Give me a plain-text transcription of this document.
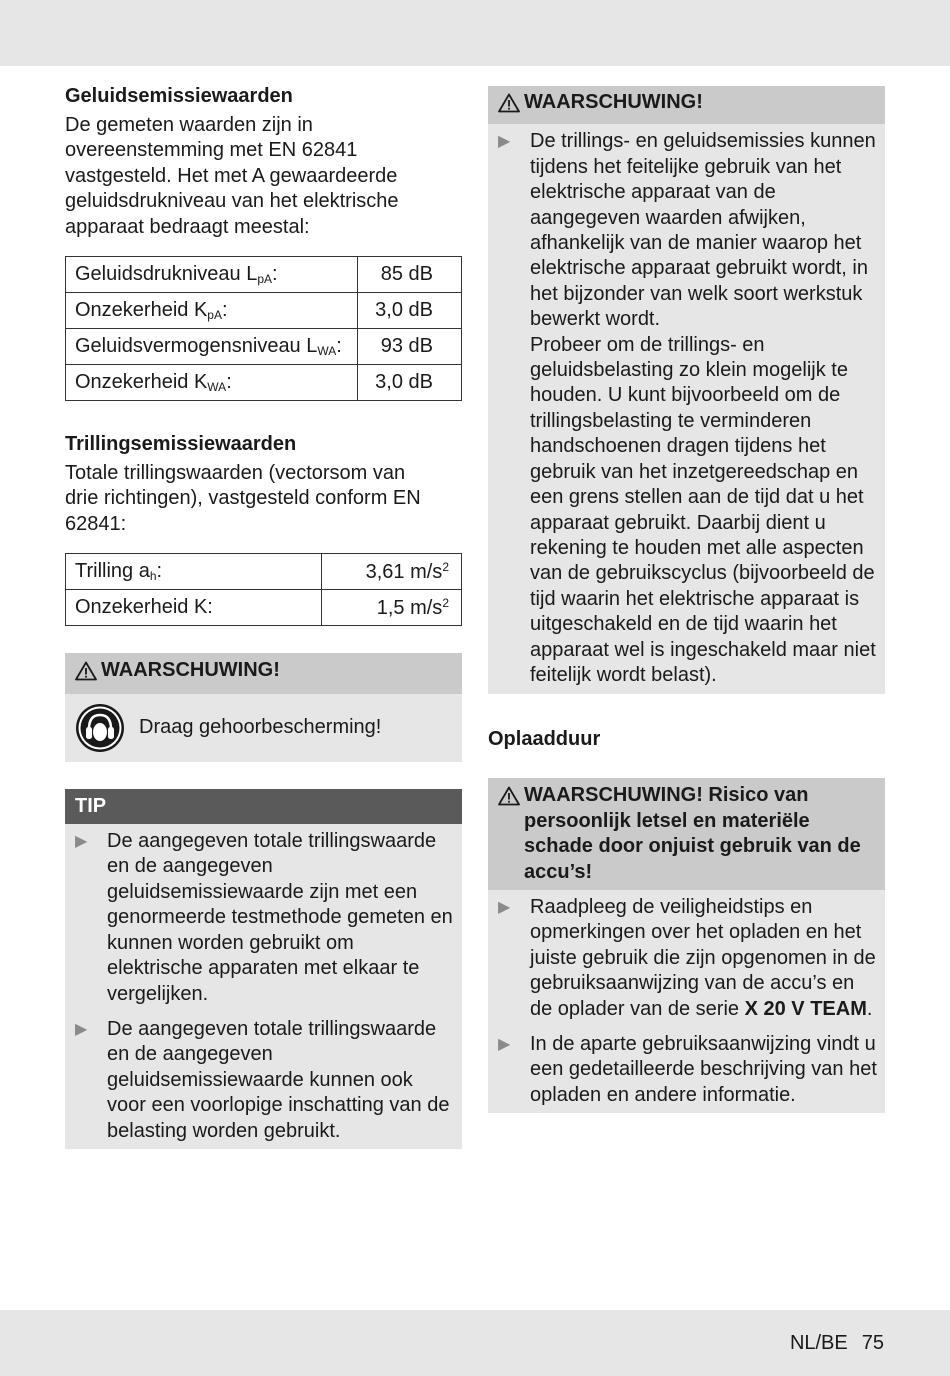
Geluidsemissiewaarden

De gemeten waarden zijn in overeenstemming met EN 62841 vastgesteld. Het met A gewaardeerde geluidsdrukniveau van het elektrische apparaat bedraagt meestal:

Geluidsdrukniveau $L_{pA}$:	85 dB
Onzekerheid $K_{pA}$:	3,0 dB
Geluidsvermogensniveau $L_{WA}$:	93 dB
Onzekerheid $K_{WA}$:	3,0 dB
Trillingsemissiewaarden

Totale trillingswaarden (vectorsom van drie richtingen), vastgesteld conform EN 62841:

Trilling $a_h$:	3,61 $m/s^2$
Onzekerheid K:	1,5 $m/s^2$
WAARSCHUWING!
Draag gehoorbescherming!
TIP
▶ De aangegeven totale trillingswaarde en de aangegeven geluidsemissiewaarde zijn met een genormeerde testmethode gemeten en kunnen worden gebruikt om elektrische apparaten met elkaar te vergelijken.
▶ De aangegeven totale trillingswaarde en de aangegeven geluidsemissiewaarde kunnen ook voor een voorlopige inschatting van de belasting worden gebruikt.
WAARSCHUWING!
▶ De trillings- en geluidsemissies kunnen tijdens het feitelijke gebruik van het elektrische apparaat van de aangegeven waarden afwijken, afhankelijk van de manier waarop het elektrische apparaat gebruikt wordt, in het bijzonder van welk soort werkstuk bewerkt wordt.
Probeer om de trillings- en geluidsbelasting zo klein mogelijk te houden. U kunt bijvoorbeeld om de trillingsbelasting te verminderen handschoenen dragen tijdens het gebruik van het inzetgereedschap en een grens stellen aan de tijd dat u het apparaat gebruikt. Daarbij dient u rekening te houden met alle aspecten van de gebruikscyclus (bijvoorbeeld de tijd waarin het elektrische apparaat is uitgeschakeld en de tijd waarin het apparaat wel is ingeschakeld maar niet feitelijk wordt belast).
Oplaadduur
WAARSCHUWING! Risico van persoonlijk letsel en materiële schade door onjuist gebruik van de accu’s!
▶ Raadpleeg de veiligheidstips en opmerkingen over het opladen en het juiste gebruik die zijn opgenomen in de gebruiksaanwijzing van de accu’s en de oplader van de serie X 20 V TEAM.
▶ In de aparte gebruiksaanwijzing vindt u een gedetailleerde beschrijving van het opladen en andere informatie.
NL/BE 75
